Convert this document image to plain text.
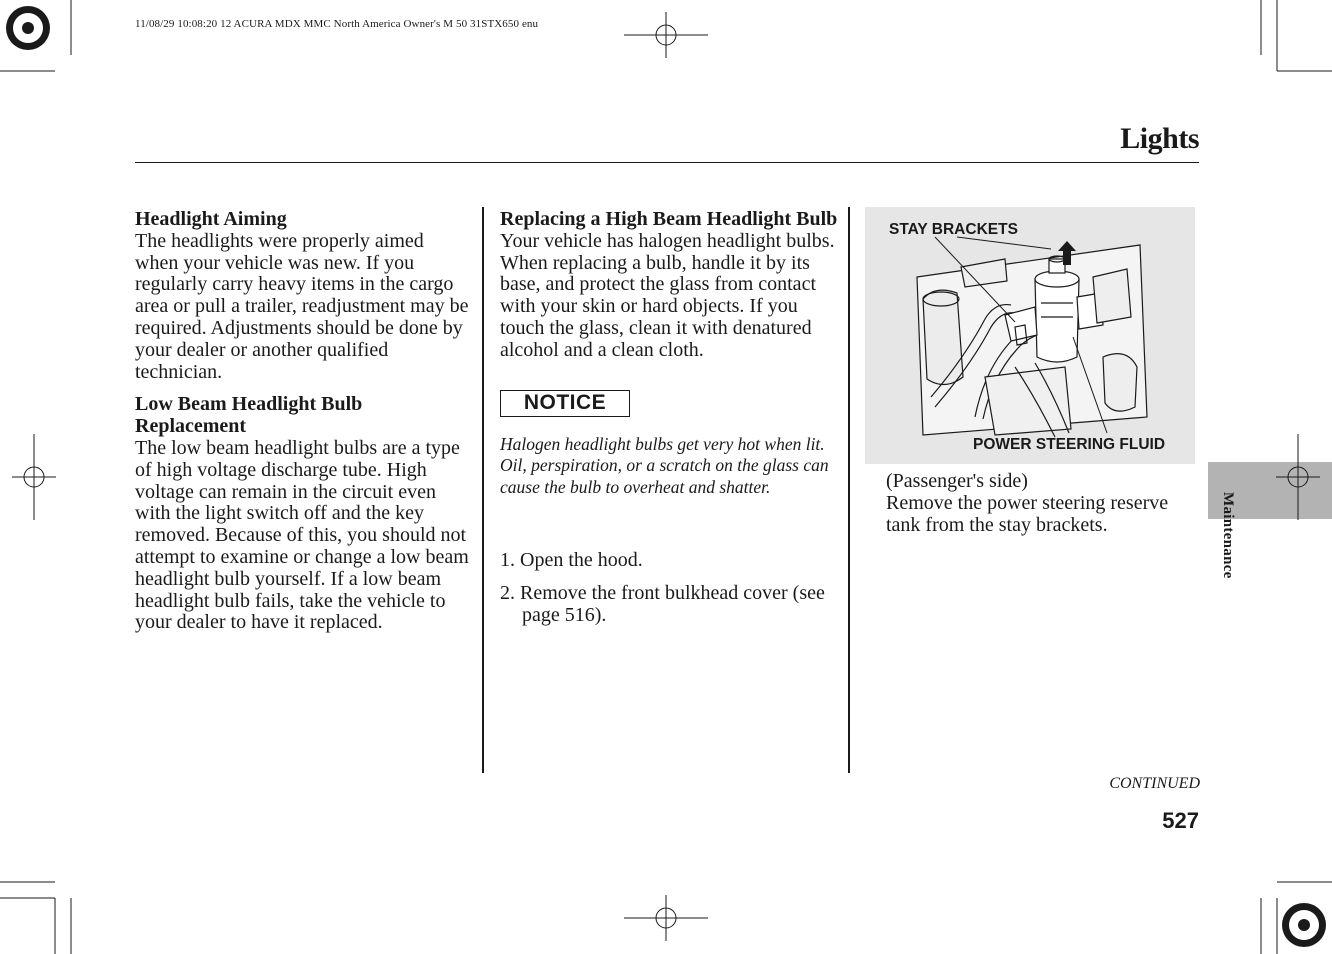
11/08/29 10:08:20 12 ACURA MDX MMC North America Owner's M 50 31STX650 enu
Lights

Headlight Aiming

The headlights were properly aimed when your vehicle was new. If you regularly carry heavy items in the cargo area or pull a trailer, readjustment may be required. Adjustments should be done by your dealer or another qualified technician.

Low Beam Headlight Bulb Replacement

The low beam headlight bulbs are a type of high voltage discharge tube. High voltage can remain in the circuit even with the light switch off and the key removed. Because of this, you should not attempt to examine or change a low beam headlight bulb yourself. If a low beam headlight bulb fails, take the vehicle to your dealer to have it replaced.

Replacing a High Beam Headlight Bulb

Your vehicle has halogen headlight bulbs. When replacing a bulb, handle it by its base, and protect the glass from contact with your skin or hard objects. If you touch the glass, clean it with denatured alcohol and a clean cloth.

NOTICE

Halogen headlight bulbs get very hot when lit. Oil, perspiration, or a scratch on the glass can cause the bulb to overheat and shatter.

1. Open the hood.

2. Remove the front bulkhead cover (see page 516).

STAY BRACKETS
POWER STEERING FLUID

(Passenger's side)

Remove the power steering reserve tank from the stay brackets.	Maintenance
CONTINUED
527
